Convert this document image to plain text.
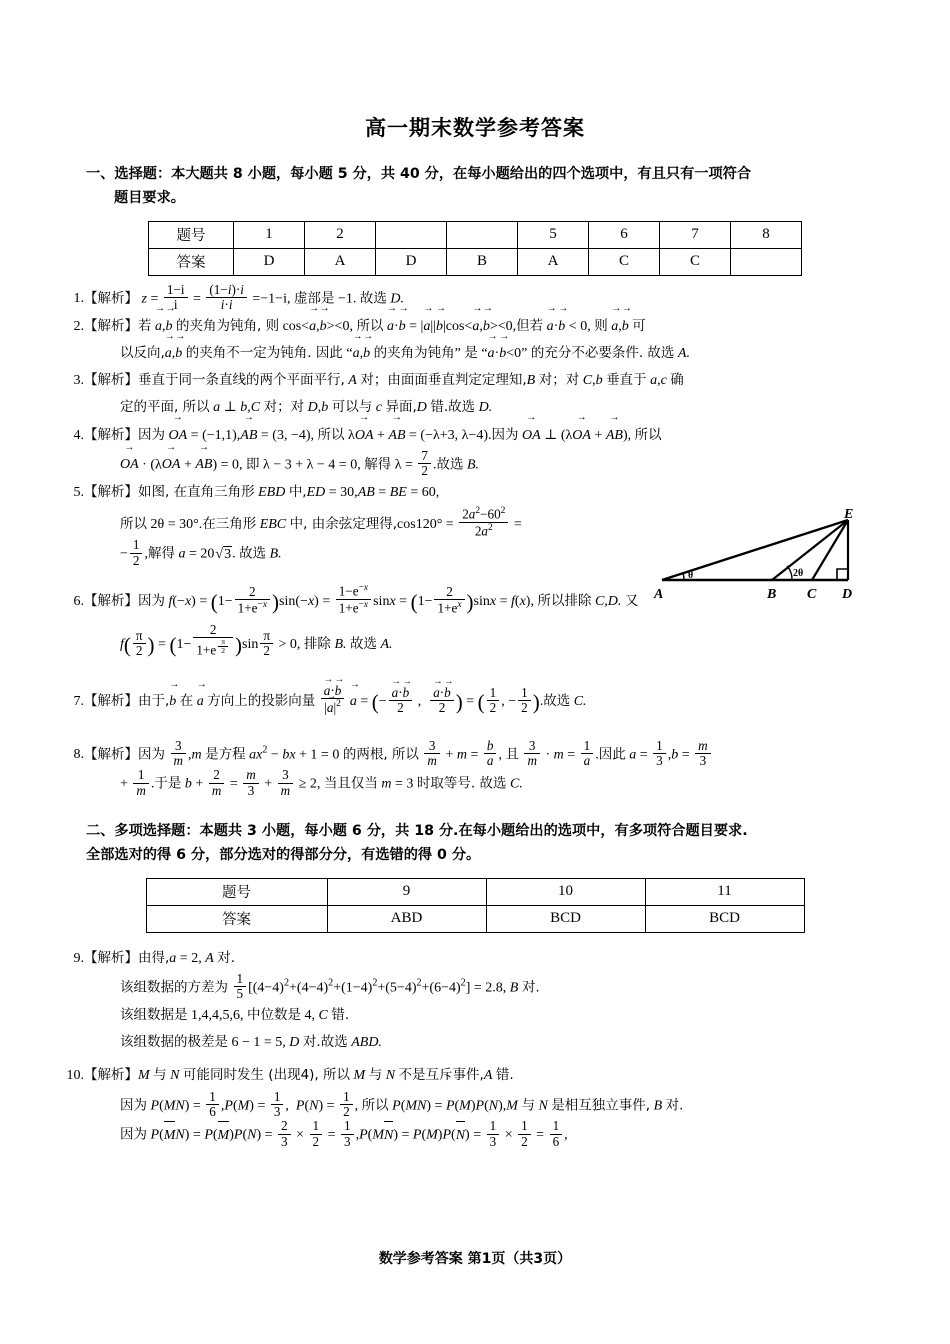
高一期末数学参考答案
一、选择题：本大题共 8 小题，每小题 5 分，共 40 分，在每小题给出的四个选项中，有且只有一项符合
题目要求。
题号	1	2			5	6	7	8
答案	D	A	D	B	A	C	C	
1.【解析】 $z = \frac{1-i}{i} = \frac{(1-i)\cdot i}{i\cdot i} =-1-i$, 虚部是 −1. 故选 D.
2.【解析】若 a →,b → 的夹角为钝角, 则 cos<a →,b →><0, 所以 a →·b → = |a →||b →|cos<a →,b →><0,但若 a →·b → < 0, 则 a →,b → 可
以反向,a →,b → 的夹角不一定为钝角. 因此 “a →,b → 的夹角为钝角” 是 “a →·b →<0” 的充分不必要条件. 故选 A.
3.【解析】垂直于同一条直线的两个平面平行, A 对；由面面垂直判定定理知,B 对；对 C,b 垂直于 a,c 确
定的平面, 所以 a ⊥ b,C 对；对 D,b 可以与 c 异面,D 错.故选 D.
4.【解析】因为 OA → = (−1,1),AB → = (3, −4), 所以 λOA → + AB → = (−λ+3, λ−4).因为 OA → ⊥ (λOA → + AB →), 所以
OA → · (λOA → + AB →) = 0, 即 λ − 3 + λ − 4 = 0, 解得 $\lambda = \frac{7}{2}$ .故选 B.
5.【解析】如图, 在直角三角形 EBD 中,ED = 30,AB = BE = 60,
所以 2θ = 30°.在三角形 EBC 中, 由余弦定理得$,\cos 120^\circ = \frac{2a^2-60^2}{2a^2}$ =
− $\frac{1}{2}$ ,解得 a = 20 √ 3. 故选 B.
6.【解析】因为 $f(-x) = (1- \frac{2}{1+e^{-x}} )\sin(-x) = \frac{1-e^{-x}}{1+e^{-x}}$ $\sin x = (1- \frac{2}{1+e^x} )\sin x = f(x)$, 所以排除 C,D. 又
$f( \frac{\pi}{2}$ ) = (1− 2
1+e $^{\frac{\pi}{2}}$ )$\sin \frac{\pi}{2} > 0$, 排除 B. 故选 A.
7.【解析】由于,b → 在 a → 方向上的投影向量 $\frac{a \to\cdot b \to}{|a \to|^2}$ a → = (− $\frac{a \to\cdot b \to}{2}$ , $\frac{a \to\cdot b \to}{2}$ ) = ( $\frac{1}{2}$ , − $\frac{1}{2}$ ).故选 C.
8.【解析】因为 $\frac{3}{m} ,m$ 是方程 $ax^2$ − bx + 1 = 0 的两根, 所以 $\frac{3}{m} + m = \frac{b}{a}$ , 且 $\frac{3}{m} \cdot m = \frac{1}{a}$ .因此 $a = \frac{1}{3} ,b = \frac{m}{3}$
+ $\frac{1}{m}$ .于是 $b + \frac{2}{m} = \frac{m}{3} + \frac{3}{m} \ge 2$, 当且仅当 m = 3 时取等号. 故选 C.
二、多项选择题：本题共 3 小题，每小题 6 分，共 18 分.在每小题给出的选项中，有多项符合题目要求.
全部选对的得 6 分，部分选对的得部分分，有选错的得 0 分。
题号	9	10	11
答案	ABD	BCD	BCD
9.【解析】由得,a = 2, A 对.
该组数据的方差为 $\frac{1}{5} [(4-4)^2+(4-4)^2+(1-4)^2+(5-4)^2+(6-4)^2] = 2.8$, B 对.
该组数据是 1,4,4,5,6, 中位数是 4, C 错.
该组数据的极差是 6 − 1 = 5, D 对.故选 ABD.
10.【解析】M 与 N 可能同时发生 (出现4), 所以 M 与 N 不是互斥事件,A 错.
因为 $P(MN) = \frac{1}{6} ,P(M) = \frac{1}{3}$ ,  $P(N) = \frac{1}{2}$ , 所以 P(MN) = P(M)P(N),M 与 N 是相互独立事件, B 对.
因为 $P(MN) = P(M)P(N) = \frac{2}{3} \times \frac{1}{2} = \frac{1}{3} ,P(MN) = P(M)P(N) = \frac{1}{3} \times \frac{1}{2} = \frac{1}{6}$ ,
A	B C D
E
θ	2θ
数学参考答案 第1页（共3页）
